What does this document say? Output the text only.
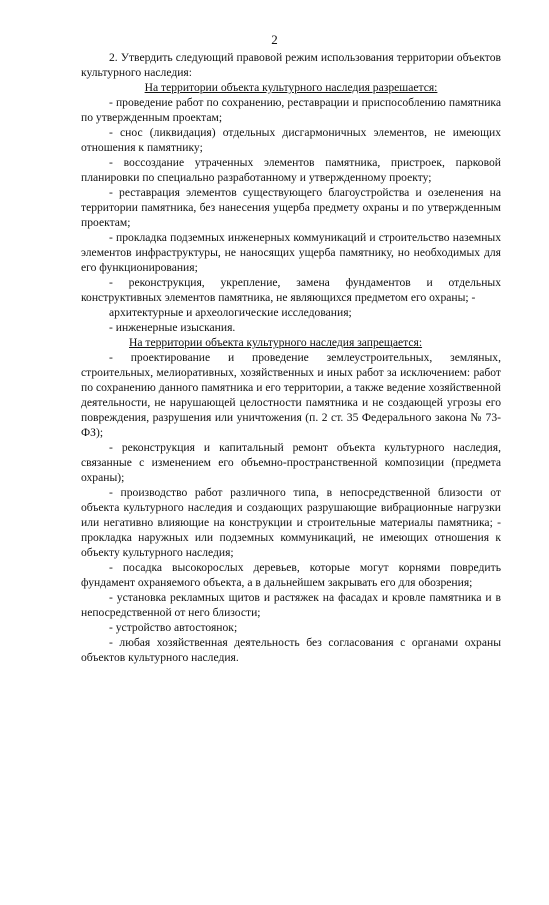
2

2. Утвердить следующий правовой режим использования территории объектов культурного наследия:

На территории объекта культурного наследия разрешается:

- проведение работ по сохранению, реставрации и приспособлению памятника по утвержденным проектам;

- снос (ликвидация) отдельных дисгармоничных элементов, не имеющих отношения к памятнику;

- воссоздание утраченных элементов памятника, пристроек, парковой планировки по специально разработанному и утвержденному проекту;

- реставрация элементов существующего благоустройства и озеленения на территории памятника, без нанесения ущерба предмету охраны и по утвержденным проектам;

- прокладка подземных инженерных коммуникаций и строительство наземных элементов инфраструктуры, не наносящих ущерба памятнику, но необходимых для его функционирования;

- реконструкция, укрепление, замена фундаментов и отдельных конструктивных элементов памятника, не являющихся предметом его охраны; -

архитектурные и археологические исследования;

- инженерные изыскания.

На территории объекта культурного наследия запрещается:

- проектирование и проведение землеустроительных, земляных, строительных, мелиоративных, хозяйственных и иных работ за исключением: работ по сохранению данного памятника и его территории, а также ведение хозяйственной деятельности, не нарушающей целостности памятника и не создающей угрозы его повреждения, разрушения или уничтожения (п. 2 ст. 35 Федерального закона № 73-ФЗ);

- реконструкция и капитальный ремонт объекта культурного наследия, связанные с изменением его объемно-пространственной композиции (предмета охраны);

- производство работ различного типа, в непосредственной близости от объекта культурного наследия и создающих разрушающие вибрационные нагрузки или негативно влияющие на конструкции и строительные материалы памятника; - прокладка наружных или подземных коммуникаций, не имеющих отношения к объекту культурного наследия;

- посадка высокорослых деревьев, которые могут корнями повредить фундамент охраняемого объекта, а в дальнейшем закрывать его для обозрения;

- установка рекламных щитов и растяжек на фасадах и кровле памятника и в непосредственной от него близости;

- устройство автостоянок;

- любая хозяйственная деятельность без согласования с органами охраны объектов культурного наследия.
